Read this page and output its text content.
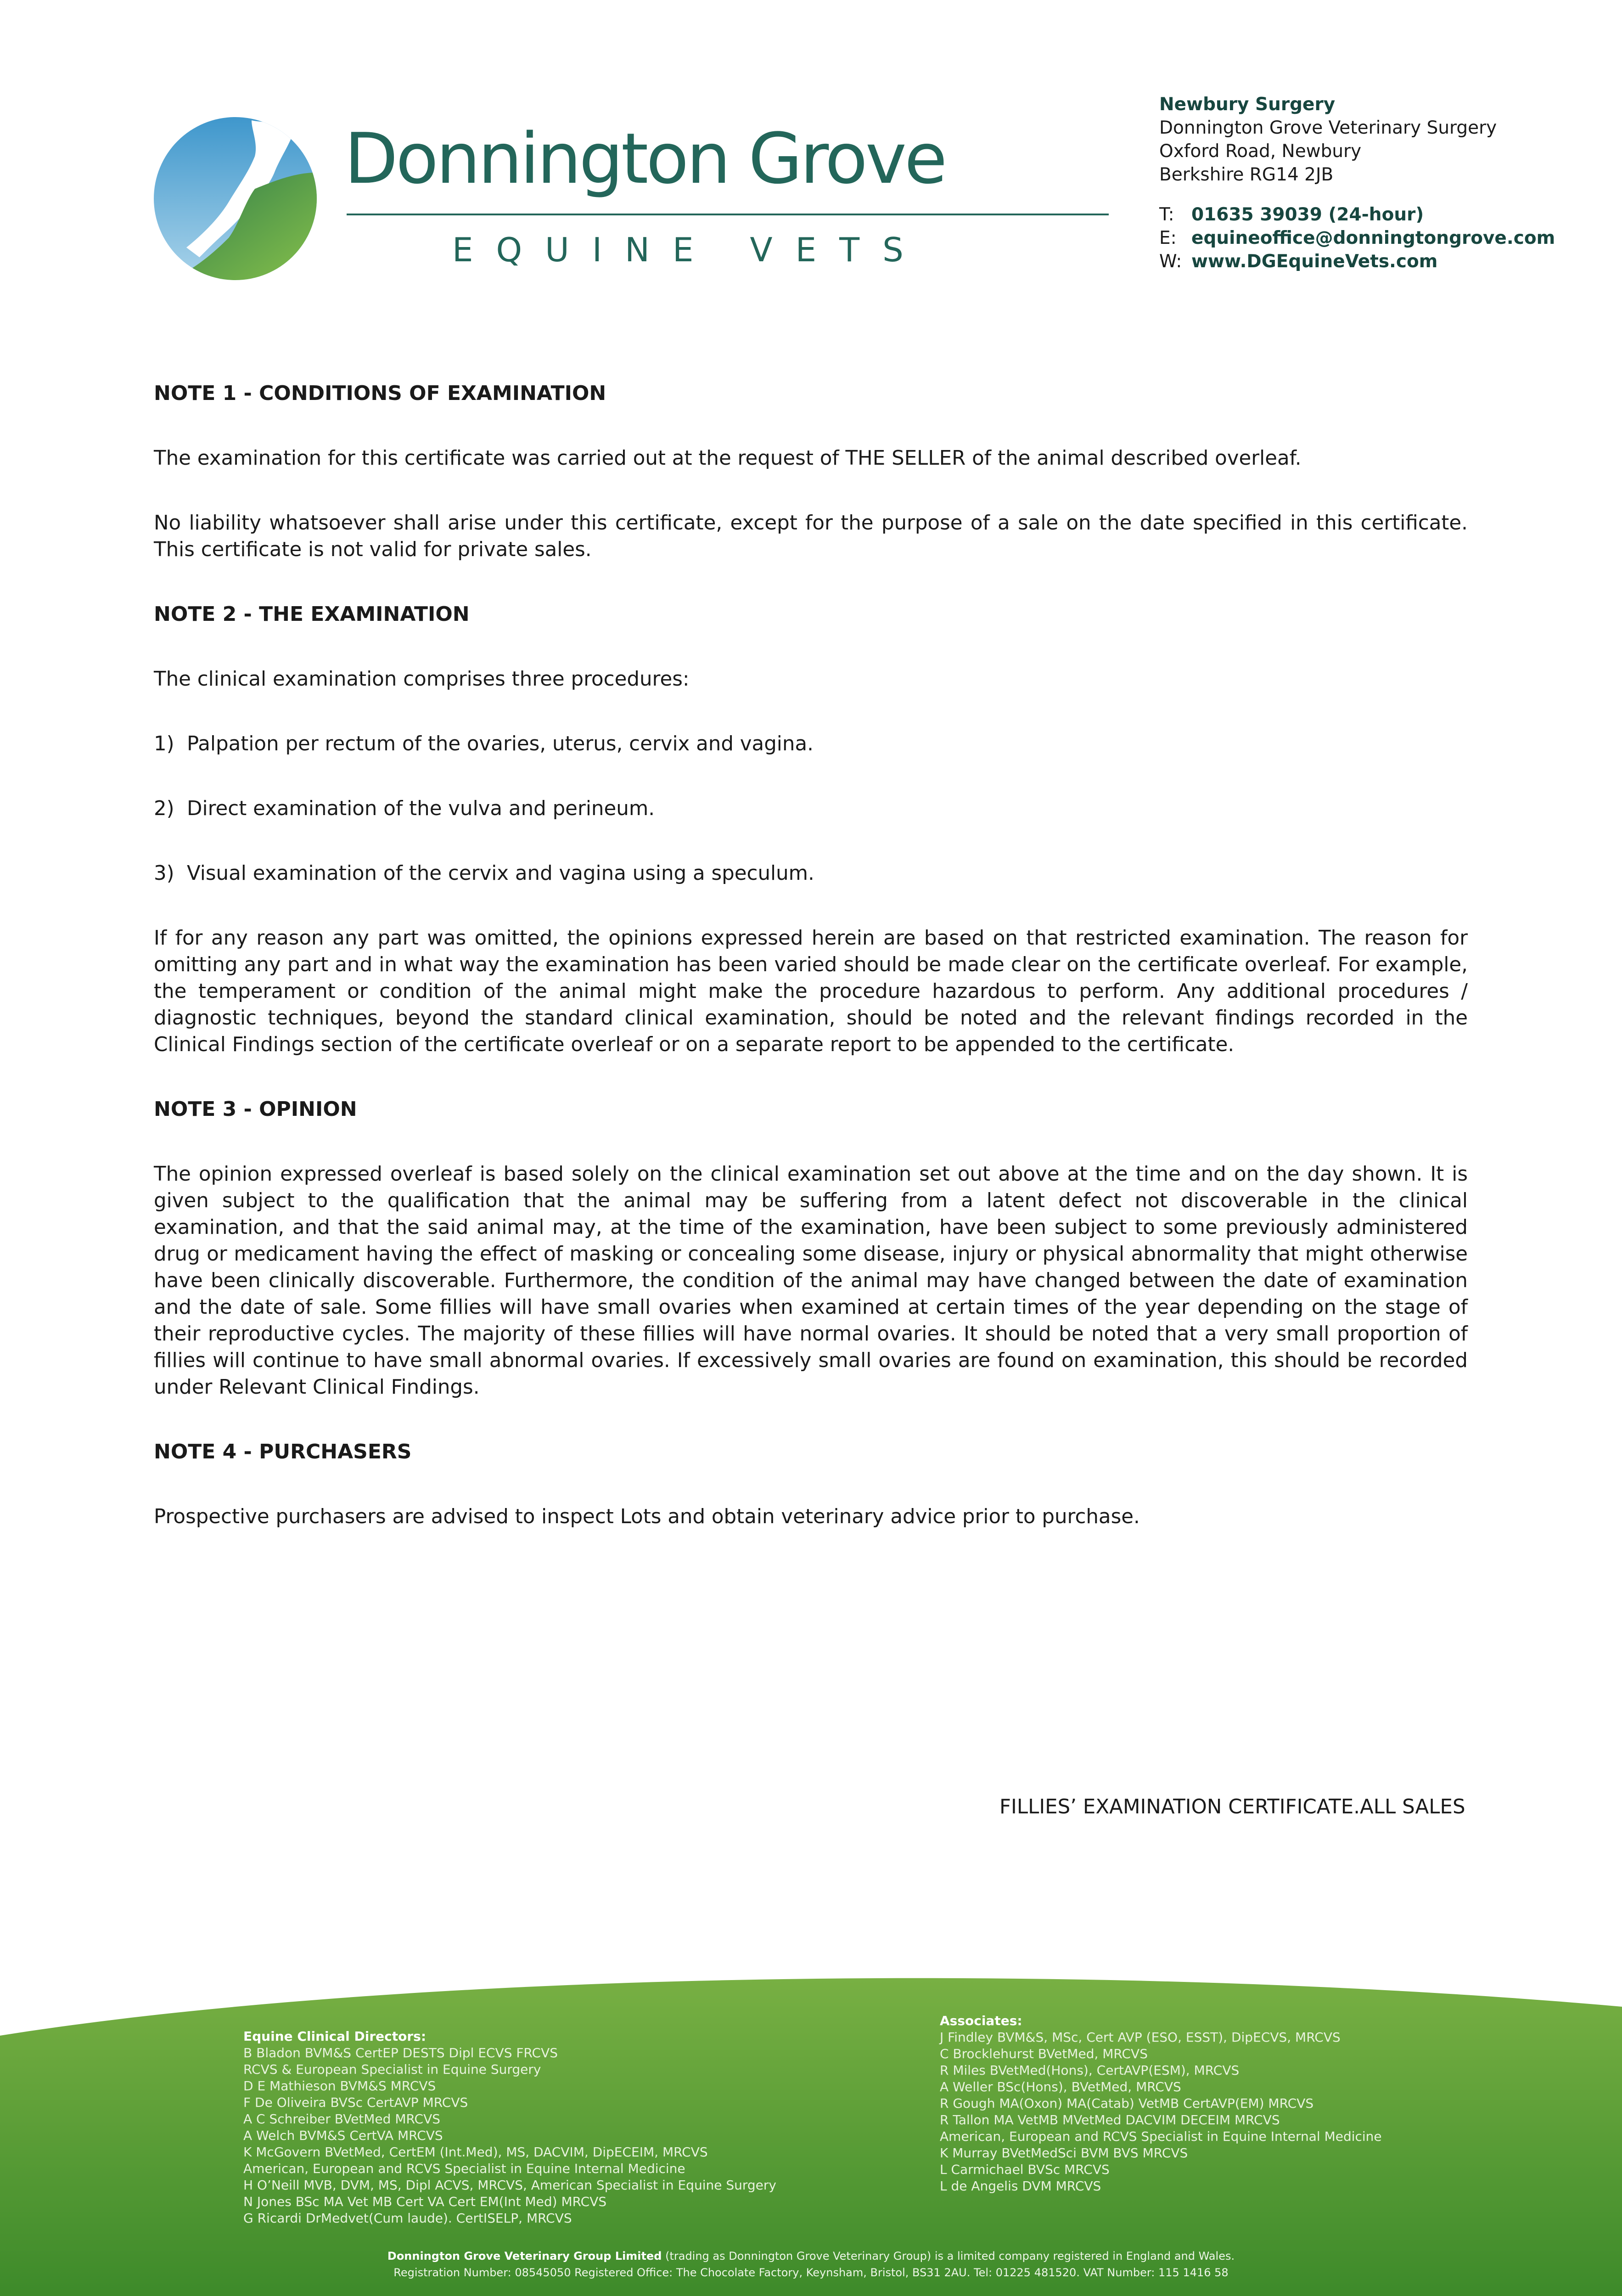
Donnington Grove
EQUINE VETS
Newbury Surgery
Donnington Grove Veterinary Surgery
Oxford Road, Newbury
Berkshire RG14 2JB
T: 01635 39039 (24-hour)
E: equineoffice@donningtongrove.com
W: www.DGEquineVets.com
NOTE 1 - CONDITIONS OF EXAMINATION

The examination for this certificate was carried out at the request of THE SELLER of the animal described overleaf.

No liability whatsoever shall arise under this certificate, except for the purpose of a sale on the date specified in this certificate. This certificate is not valid for private sales.

NOTE 2 - THE EXAMINATION

The clinical examination comprises three procedures:

1) Palpation per rectum of the ovaries, uterus, cervix and vagina.
2) Direct examination of the vulva and perineum.
3) Visual examination of the cervix and vagina using a speculum.

If for any reason any part was omitted, the opinions expressed herein are based on that restricted examination. The reason for omitting any part and in what way the examination has been varied should be made clear on the certificate overleaf. For example, the temperament or condition of the animal might make the procedure hazardous to perform. Any additional procedures / diagnostic techniques, beyond the standard clinical examination, should be noted and the relevant findings recorded in the Clinical Findings section of the certificate overleaf or on a separate report to be appended to the certificate.

NOTE 3 - OPINION

The opinion expressed overleaf is based solely on the clinical examination set out above at the time and on the day shown. It is given subject to the qualification that the animal may be suffering from a latent defect not discoverable in the clinical examination, and that the said animal may, at the time of the examination, have been subject to some previously administered drug or medicament having the effect of masking or concealing some disease, injury or physical abnormality that might otherwise have been clinically discoverable. Furthermore, the condition of the animal may have changed between the date of examination and the date of sale. Some fillies will have small ovaries when examined at certain times of the year depending on the stage of their reproductive cycles. The majority of these fillies will have normal ovaries. It should be noted that a very small proportion of fillies will continue to have small abnormal ovaries. If excessively small ovaries are found on examination, this should be recorded under Relevant Clinical Findings.

NOTE 4 - PURCHASERS

Prospective purchasers are advised to inspect Lots and obtain veterinary advice prior to purchase.

FILLIES’ EXAMINATION CERTIFICATE.ALL SALES
Equine Clinical Directors:
B Bladon BVM&S CertEP DESTS Dipl ECVS FRCVS
RCVS & European Specialist in Equine Surgery
D E Mathieson BVM&S MRCVS
F De Oliveira BVSc CertAVP MRCVS
A C Schreiber BVetMed MRCVS
A Welch BVM&S CertVA MRCVS
K McGovern BVetMed, CertEM (Int.Med), MS, DACVIM, DipECEIM, MRCVS
American, European and RCVS Specialist in Equine Internal Medicine
H O’Neill MVB, DVM, MS, Dipl ACVS, MRCVS, American Specialist in Equine Surgery
N Jones BSc MA Vet MB Cert VA Cert EM(Int Med) MRCVS
G Ricardi DrMedvet(Cum laude). CertISELP, MRCVS
Associates:
J Findley BVM&S, MSc, Cert AVP (ESO, ESST), DipECVS, MRCVS
C Brocklehurst BVetMed, MRCVS
R Miles BVetMed(Hons), CertAVP(ESM), MRCVS
A Weller BSc(Hons), BVetMed, MRCVS
R Gough MA(Oxon) MA(Catab) VetMB CertAVP(EM) MRCVS
R Tallon MA VetMB MVetMed DACVIM DECEIM MRCVS
American, European and RCVS Specialist in Equine Internal Medicine
K Murray BVetMedSci BVM BVS MRCVS
L Carmichael BVSc MRCVS
L de Angelis DVM MRCVS
Donnington Grove Veterinary Group Limited (trading as Donnington Grove Veterinary Group) is a limited company registered in England and Wales.
Registration Number: 08545050 Registered Office: The Chocolate Factory, Keynsham, Bristol, BS31 2AU. Tel: 01225 481520. VAT Number: 115 1416 58
